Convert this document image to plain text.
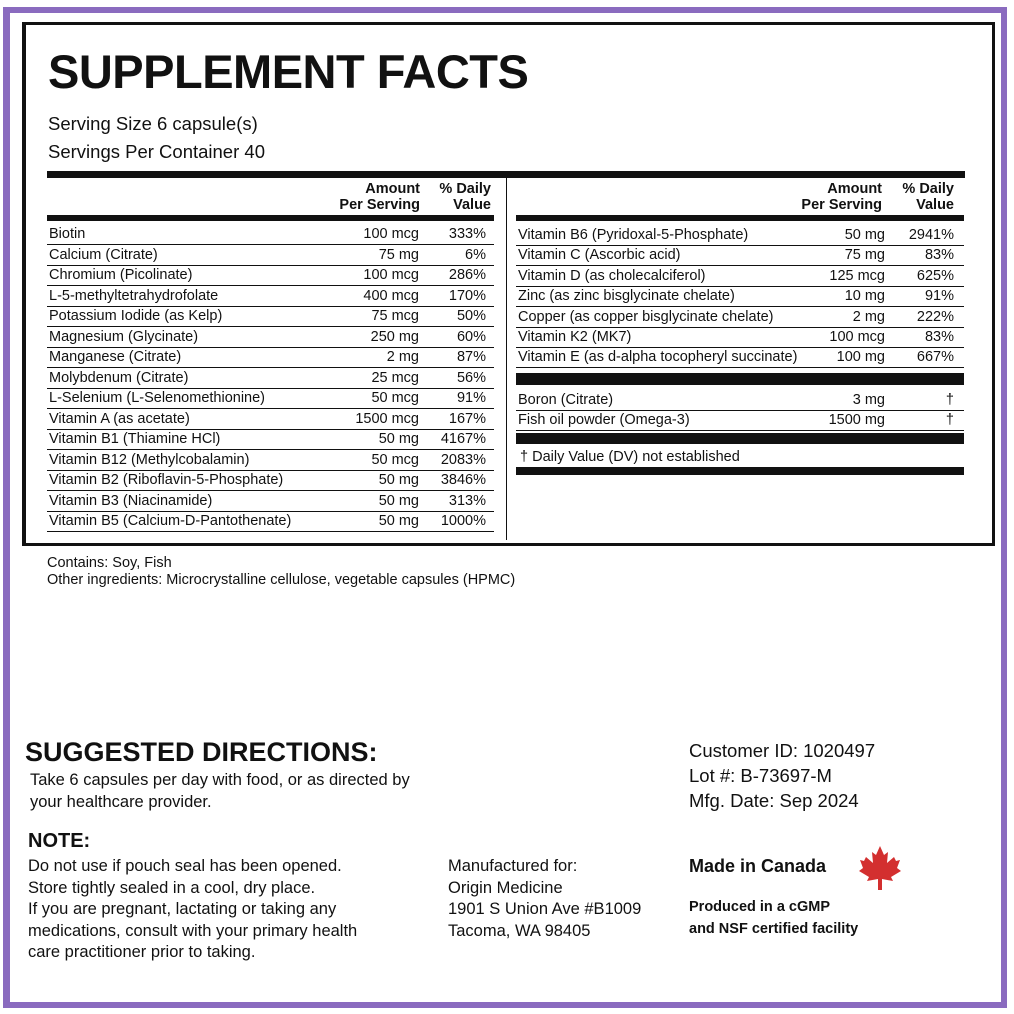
SUPPLEMENT FACTS
Serving Size 6 capsule(s)
Servings Per Container 40
Amount
Per Serving
% Daily
Value
Amount
Per Serving
% Daily
Value
Biotin	100 mcg 333%
Calcium (Citrate)	75 mg	6%
Chromium (Picolinate)	100 mcg 286%
L-5-methyltetrahydrofolate	400 mcg 170%
Potassium Iodide (as Kelp)	75 mcg	50%
Magnesium (Glycinate)	250 mg	60%
Manganese (Citrate)	2 mg	87%
Molybdenum (Citrate)	25 mcg	56%
L-Selenium (L-Selenomethionine)	50 mcg	91%
Vitamin A (as acetate)	1500 mcg 167%
Vitamin B1 (Thiamine HCl)	50 mg 4167%
Vitamin B12 (Methylcobalamin)	50 mcg 2083%
Vitamin B2 (Riboflavin-5-Phosphate)	50 mg 3846%
Vitamin B3 (Niacinamide)	50 mg 313%
Vitamin B5 (Calcium-D-Pantothenate)	50 mg 1000%
Vitamin B6 (Pyridoxal-5-Phosphate)	50 mg 2941%
Vitamin C (Ascorbic acid)	75 mg	83%
Vitamin D (as cholecalciferol)	125 mcg 625%
Zinc (as zinc bisglycinate chelate)	10 mg	91%
Copper (as copper bisglycinate chelate)	2 mg 222%
Vitamin K2 (MK7)	100 mcg	83%
Vitamin E (as d-alpha tocopheryl succinate)	100 mg 667%
Boron (Citrate)	3 mg	†
Fish oil powder (Omega-3)	1500 mg	†
† Daily Value (DV) not established
Contains: Soy, Fish
Other ingredients: Microcrystalline cellulose, vegetable capsules (HPMC)
SUGGESTED DIRECTIONS:
Take 6 capsules per day with food, or as directed by
your healthcare provider.
NOTE:
Do not use if pouch seal has been opened.
Store tightly sealed in a cool, dry place.
If you are pregnant, lactating or taking any
medications, consult with your primary health
care practitioner prior to taking.
Manufactured for:
Origin Medicine
1901 S Union Ave #B1009
Tacoma, WA 98405
Customer ID: 1020497
Lot #: B-73697-M
Mfg. Date: Sep 2024
Made in Canada
Produced in a cGMP
and NSF certified facility
